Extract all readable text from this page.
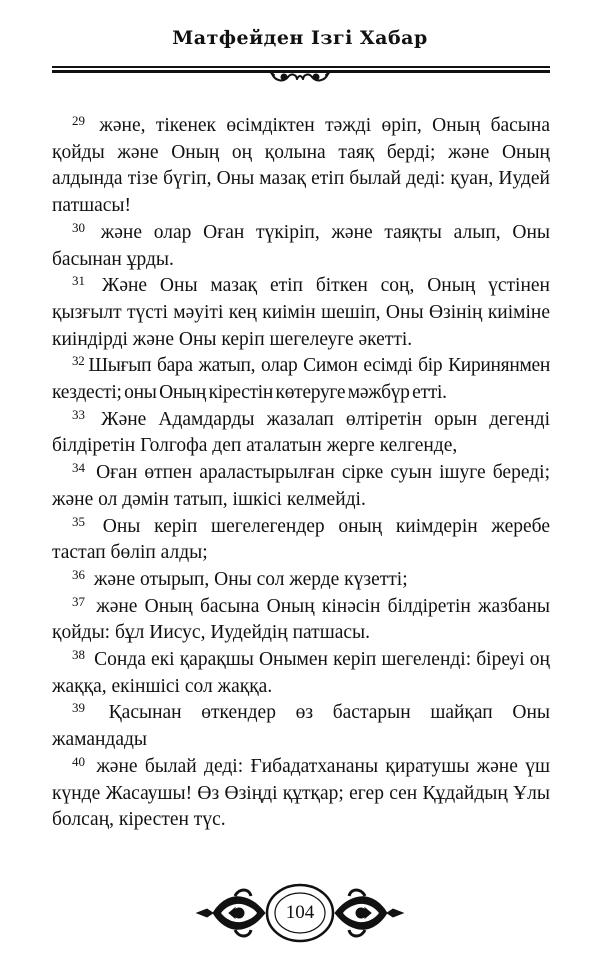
Матфейден Ізгі Хабар

$^{29}$ және, тікенек өсімдіктен тәжді өріп, Оның басына қойды және Оның оң қолына таяқ берді; және Оның алдында тізе бүгіп, Оны мазақ етіп былай деді: қуан, Иудей патшасы!

$^{30}$ және олар Оған түкіріп, және таяқты алып, Оны басынан ұрды.

$^{31}$ Және Оны мазақ етіп біткен соң, Оның үстінен қызғылт түсті мәуіті кең киімін шешіп, Оны Өзінің киіміне киіндірді және Оны керіп шегелеуге әкетті.

$^{32}$ Шығып бара жатып, олар Симон есімді бір Киринянмен кездесті; оны Оның кірестін көтеруге мәжбүр етті.

$^{33}$ Және Адамдарды жазалап өлтіретін орын дегенді білдіретін Голгофа деп аталатын жерге келгенде,

$^{34}$ Оған өтпен араластырылған сірке суын ішуге береді; және ол дәмін татып, ішкісі келмейді.

$^{35}$ Оны керіп шегелегендер оның киімдерін жеребе тастап бөліп алды;

$^{36}$ және отырып, Оны сол жерде күзетті;

$^{37}$ және Оның басына Оның кінәсін білдіретін жазбаны қойды: бұл Иисус, Иудейдің патшасы.

$^{38}$ Сонда екі қарақшы Онымен керіп шегеленді: біреуі оң жаққа, екіншісі сол жаққа.

$^{39}$ Қасынан өткендер өз бастарын шайқап Оны жамандады

$^{40}$ және былай деді: Ғибадатхананы қиратушы және үш күнде Жасаушы! Өз Өзіңді құтқар; егер сен Құдайдың Ұлы болсаң, кірестен түс.

104
